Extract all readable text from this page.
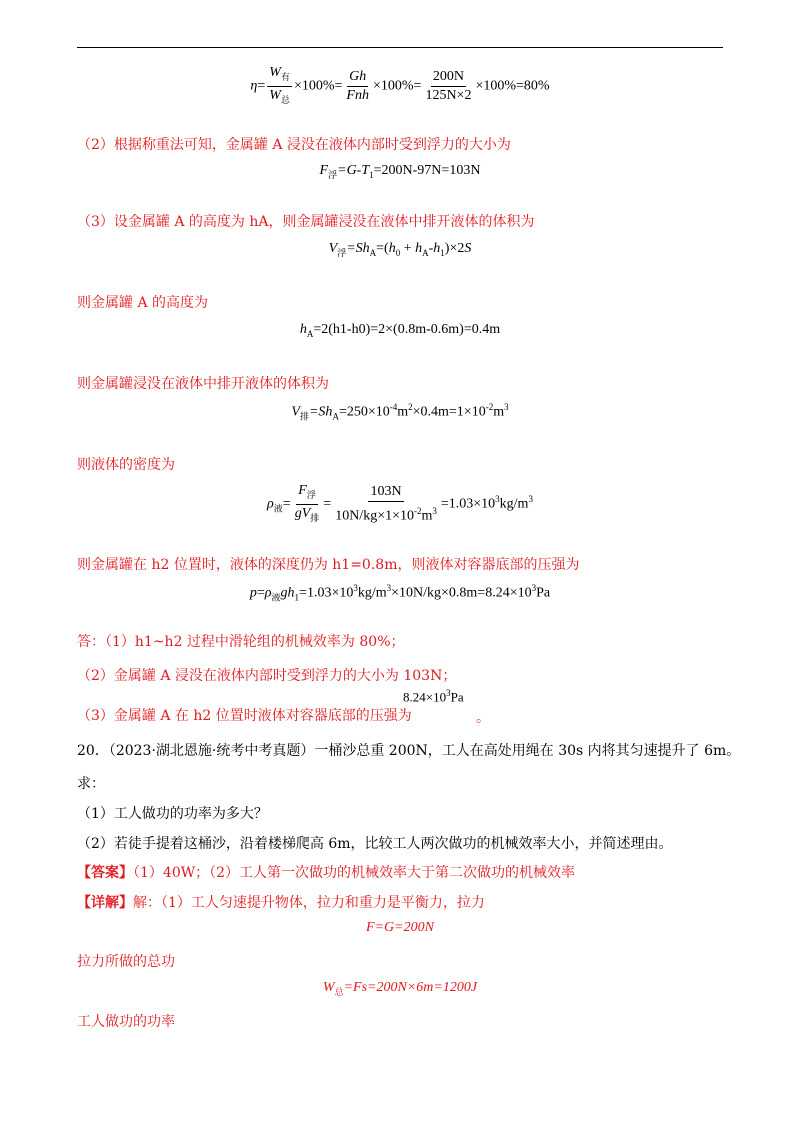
$\eta= \frac{W_有}{W_总} \times 100\%= \frac{Gh}{\text{Fnh}} \times 100\%= \frac{200N}{125N\times 2} \times 100\%=80\%$
（2）根据称重法可知，金属罐 A 浸没在液体内部时受到浮力的大小为
$F_浮=G-T_1=200N-97N=103N$
（3）设金属罐 A 的高度为 hA，则金属罐浸没在液体中排开液体的体积为
$V_浮=Sh_A=(h_0 + h_A-h_1)\times 2S$
则金属罐 A 的高度为
$h_A=2(h1-h0)=2\times(0.8m-0.6m)=0.4m$
则金属罐浸没在液体中排开液体的体积为
$V_排=Sh_A=250\times 10^{-4}m^2\times 0.4m=1\times 10^{-2}m^3$
则液体的密度为
$\rho_液= \frac{F_浮}{gV_排} = \frac{103N}{10N/kg\times 1\times 10^{-2}m^3} =1.03\times 10^3kg/m^3$
则金属罐在 h2 位置时，液体的深度仍为 h1=0.8m，则液体对容器底部的压强为
$p=\rho_液gh_1=1.03\times 10^3kg/m^3\times 10N/kg\times 0.8m=8.24\times 10^3Pa$
答：（1）h1~h2 过程中滑轮组的机械效率为 80%；
（2）金属罐 A 浸没在液体内部时受到浮力的大小为 103N；
（3）金属罐 A 在 h2 位置时液体对容器底部的压强为
$8.24\times 10^3Pa$
。
20．（2023·湖北恩施·统考中考真题）一桶沙总重 200N，工人在高处用绳在 30s 内将其匀速提升了 6m。
求：
（1）工人做功的功率为多大？
（2）若徒手提着这桶沙，沿着楼梯爬高 6m，比较工人两次做功的机械效率大小，并简述理由。
【答案】（1）40W；（2）工人第一次做功的机械效率大于第二次做功的机械效率
【详解】解：（1）工人匀速提升物体，拉力和重力是平衡力，拉力
F=G=200N
拉力所做的总功
$W_总=Fs=200N\times 6m=1200J$
工人做功的功率
